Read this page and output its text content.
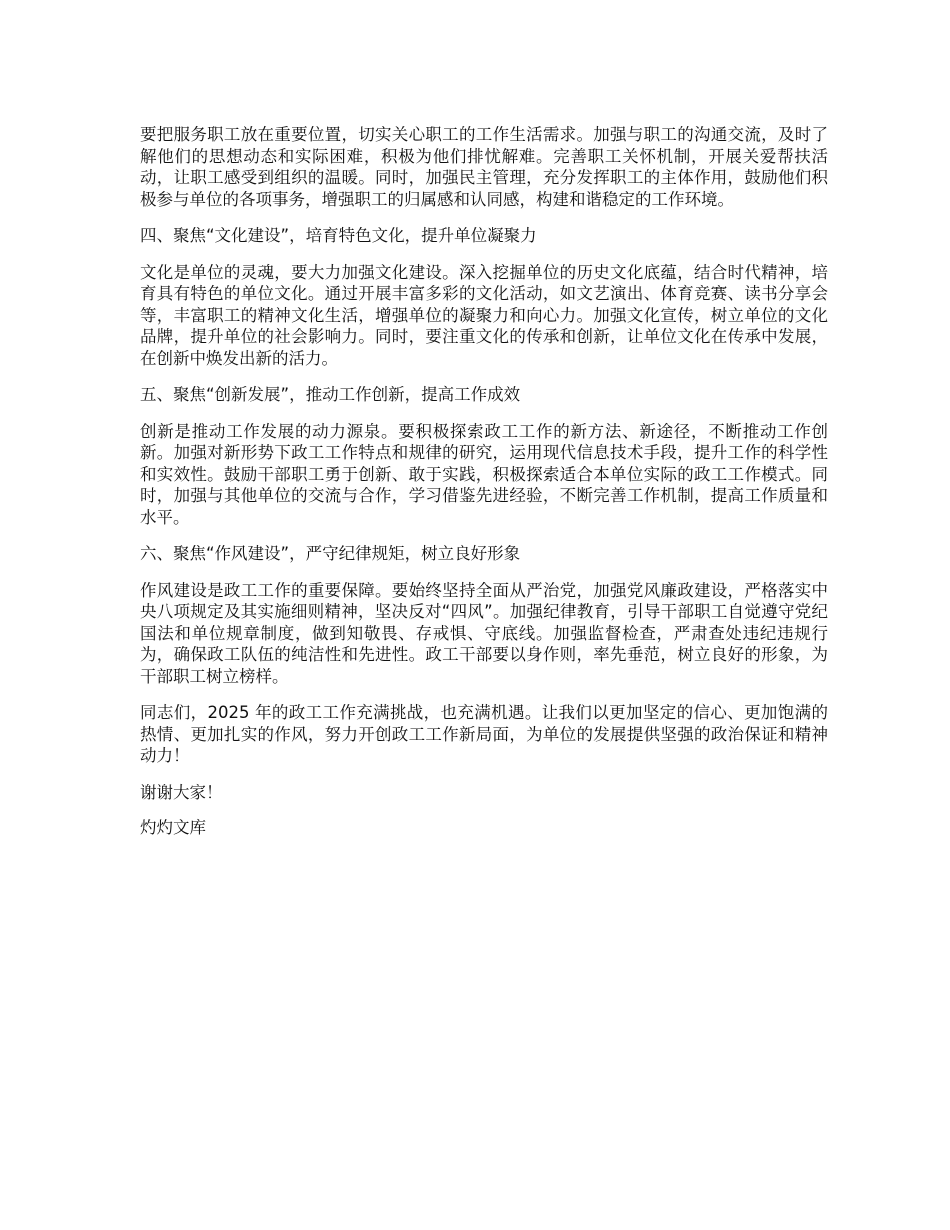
要把服务职工放在重要位置，切实关心职工的工作生活需求。加强与职工的沟通交流，及时了解他们的思想动态和实际困难，积极为他们排忧解难。完善职工关怀机制，开展关爱帮扶活动，让职工感受到组织的温暖。同时，加强民主管理，充分发挥职工的主体作用，鼓励他们积极参与单位的各项事务，增强职工的归属感和认同感，构建和谐稳定的工作环境。

四、聚焦“文化建设”，培育特色文化，提升单位凝聚力

文化是单位的灵魂，要大力加强文化建设。深入挖掘单位的历史文化底蕴，结合时代精神，培育具有特色的单位文化。通过开展丰富多彩的文化活动，如文艺演出、体育竞赛、读书分享会等，丰富职工的精神文化生活，增强单位的凝聚力和向心力。加强文化宣传，树立单位的文化品牌，提升单位的社会影响力。同时，要注重文化的传承和创新，让单位文化在传承中发展，在创新中焕发出新的活力。

五、聚焦“创新发展”，推动工作创新，提高工作成效

创新是推动工作发展的动力源泉。要积极探索政工工作的新方法、新途径，不断推动工作创新。加强对新形势下政工工作特点和规律的研究，运用现代信息技术手段，提升工作的科学性和实效性。鼓励干部职工勇于创新、敢于实践，积极探索适合本单位实际的政工工作模式。同时，加强与其他单位的交流与合作，学习借鉴先进经验，不断完善工作机制，提高工作质量和水平。

六、聚焦“作风建设”，严守纪律规矩，树立良好形象

作风建设是政工工作的重要保障。要始终坚持全面从严治党，加强党风廉政建设，严格落实中央八项规定及其实施细则精神，坚决反对“四风”。加强纪律教育，引导干部职工自觉遵守党纪国法和单位规章制度，做到知敬畏、存戒惧、守底线。加强监督检查，严肃查处违纪违规行为，确保政工队伍的纯洁性和先进性。政工干部要以身作则，率先垂范，树立良好的形象，为干部职工树立榜样。

同志们，2025 年的政工工作充满挑战，也充满机遇。让我们以更加坚定的信心、更加饱满的热情、更加扎实的作风，努力开创政工工作新局面，为单位的发展提供坚强的政治保证和精神动力！

谢谢大家！

灼灼文库
